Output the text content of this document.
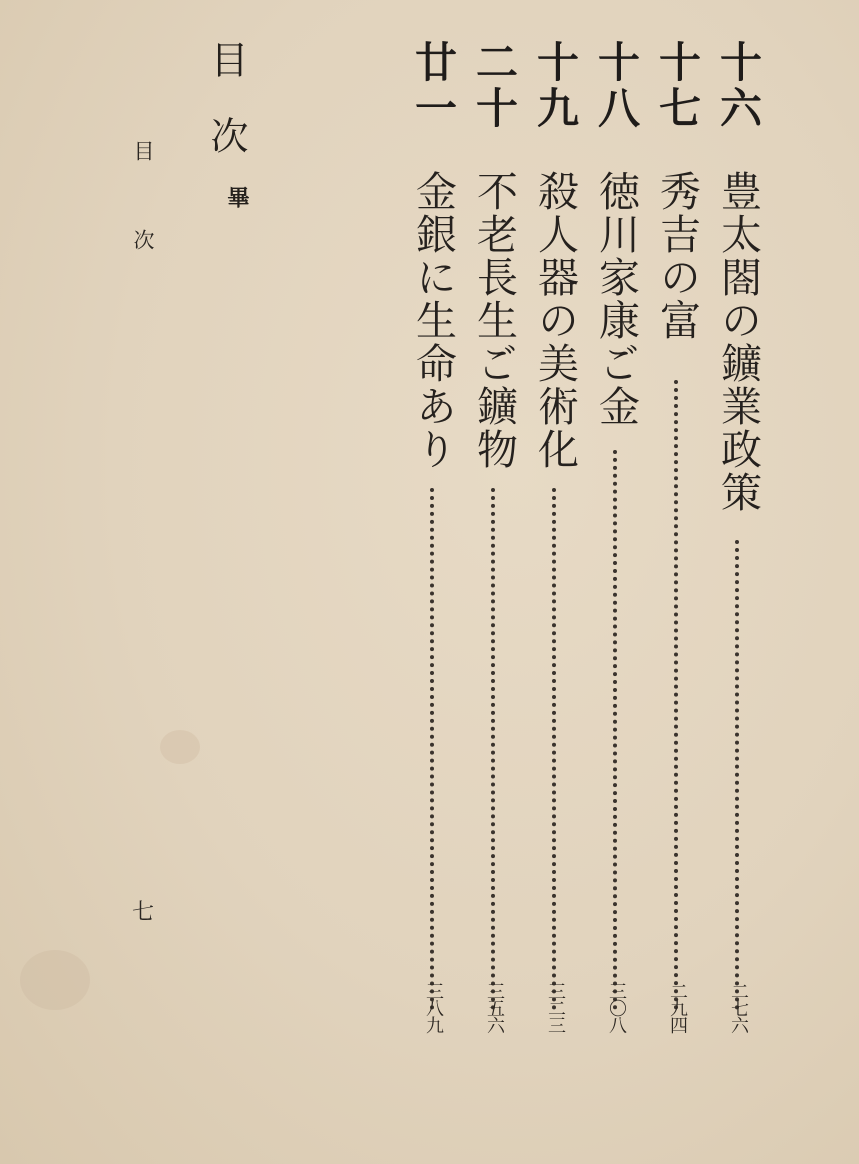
十六
豊太閤の鑛業政策
二七六
十七
秀吉の富
二九四
十八
徳川家康ご金
三〇八
十九
殺人器の美術化
三二三
二十
不老長生ご鑛物
三五六
廿一
金銀に生命あり
三八九
目次
畢
目次
七
